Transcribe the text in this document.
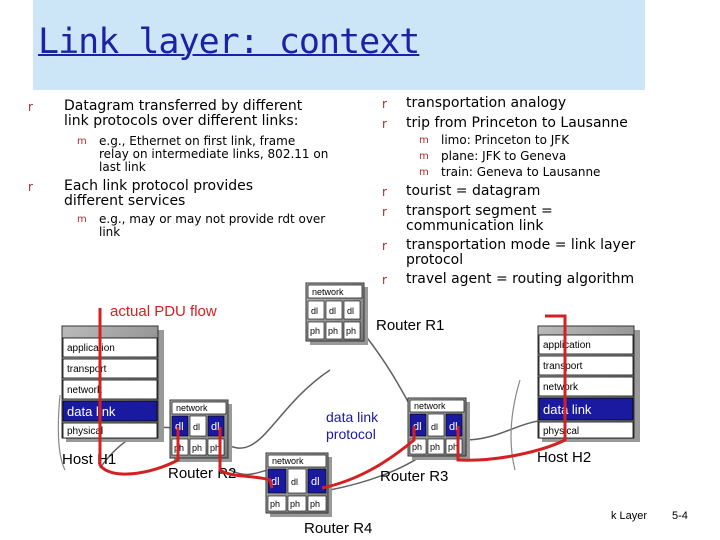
Link layer: context
r Datagram transferred by different
link protocols over different links:
m e.g., Ethernet on first link, frame
relay on intermediate links, 802.11 on
last link
r Each link protocol provides
different services
m e.g., may or may not provide rdt over
link
r transportation analogy
r trip from Princeton to Lausanne
m limo: Princeton to JFK
m plane: JFK to Geneva
m train: Geneva to Lausanne
r tourist = datagram
r transport segment =
communication link
r transportation mode = link layer
protocol
r travel agent = routing algorithm
application
transport
network
data link
physical
Host H1
application
transport
network
data link
physical
Host H2
network
dl dl dl
ph ph ph Router R1
network
dl dl dl
ph ph ph
Router R2
network
dl dl dl
ph ph ph
Router R3
network
dl dl dl
ph ph ph
Router R4
actual PDU flow
data link
protocol
k Layer 5-4
